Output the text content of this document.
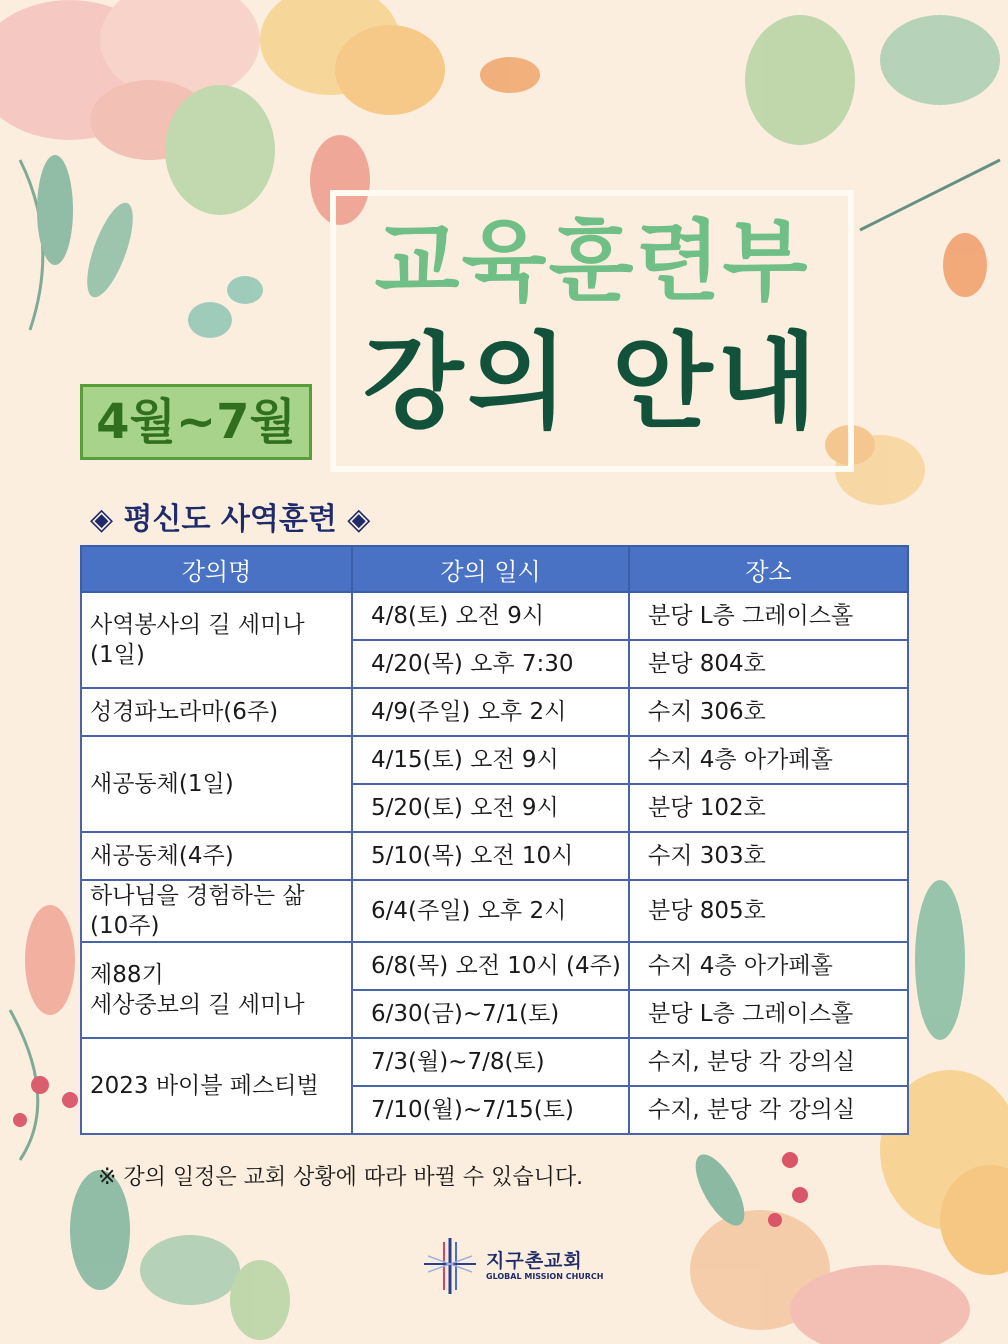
교육훈련부
강의 안내
4월~7월
◈ 평신도 사역훈련 ◈
강의명	강의 일시	장소
사역봉사의 길 세미나
(1일)	4/8(토) 오전 9시	분당 L층 그레이스홀
	4/20(목) 오후 7:30	분당 804호
성경파노라마(6주)	4/9(주일) 오후 2시	수지 306호
새공동체(1일)	4/15(토) 오전 9시	수지 4층 아가페홀
	5/20(토) 오전 9시	분당 102호
새공동체(4주)	5/10(목) 오전 10시	수지 303호
하나님을 경험하는 삶
(10주)	6/4(주일) 오후 2시	분당 805호
제88기
세상중보의 길 세미나	6/8(목) 오전 10시 (4주)	수지 4층 아가페홀
	6/30(금)~7/1(토)	분당 L층 그레이스홀
2023 바이블 페스티벌	7/3(월)~7/8(토)	수지, 분당 각 강의실
	7/10(월)~7/15(토)	수지, 분당 각 강의실
※ 강의 일정은 교회 상황에 따라 바뀔 수 있습니다.
지구촌교회
GLOBAL MISSION CHURCH
